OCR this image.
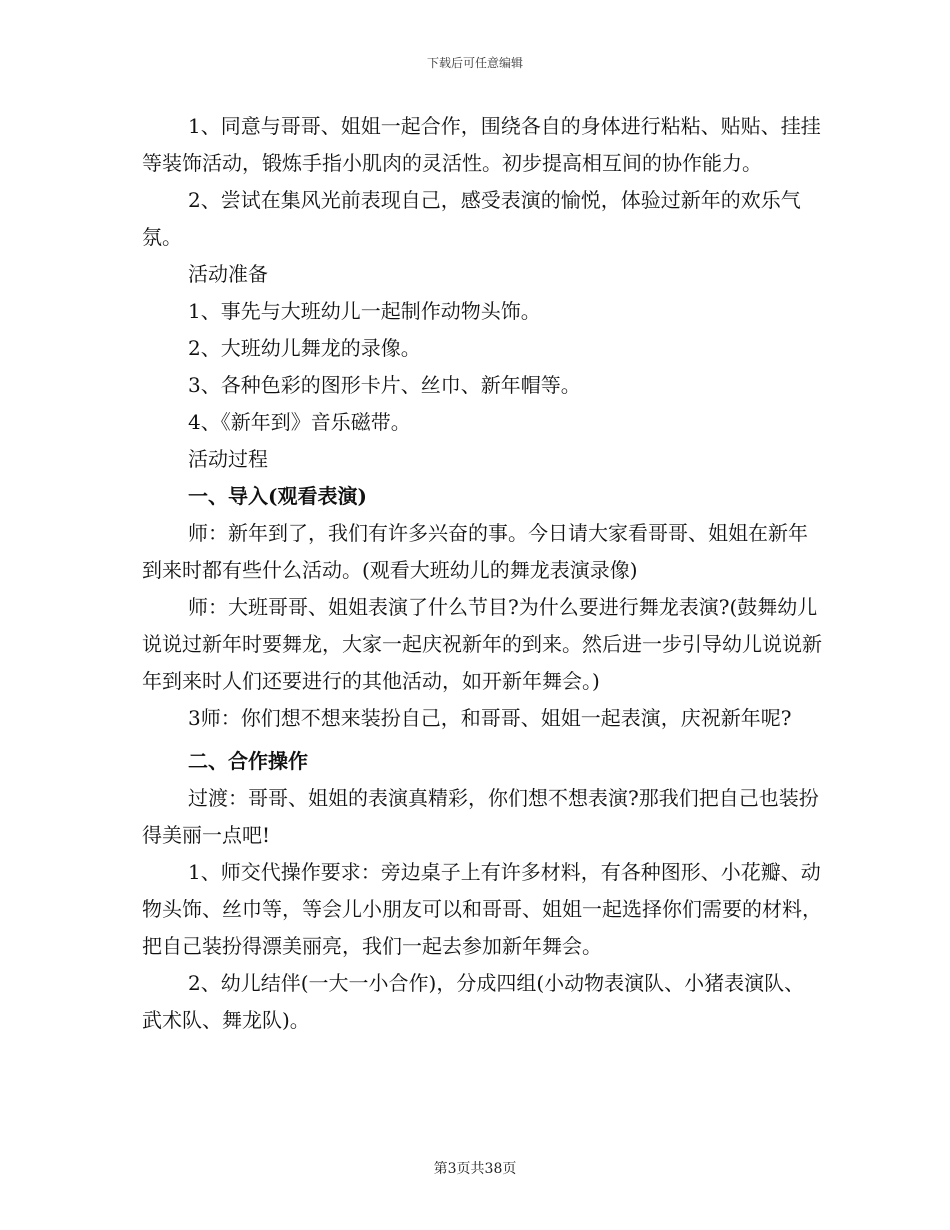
下载后可任意编辑

1、同意与哥哥、姐姐一起合作，围绕各自的身体进行粘粘、贴贴、挂挂等装饰活动，锻炼手指小肌肉的灵活性。初步提高相互间的协作能力。

2、尝试在集风光前表现自己，感受表演的愉悦，体验过新年的欢乐气氛。

活动准备

1、事先与大班幼儿一起制作动物头饰。

2、大班幼儿舞龙的录像。

3、各种色彩的图形卡片、丝巾、新年帽等。

4、《新年到》音乐磁带。

活动过程

一、导入(观看表演)

师：新年到了，我们有许多兴奋的事。今日请大家看哥哥、姐姐在新年到来时都有些什么活动。(观看大班幼儿的舞龙表演录像)

师：大班哥哥、姐姐表演了什么节目?为什么要进行舞龙表演?(鼓舞幼儿说说过新年时要舞龙，大家一起庆祝新年的到来。然后进一步引导幼儿说说新年到来时人们还要进行的其他活动，如开新年舞会。)

3师：你们想不想来装扮自己，和哥哥、姐姐一起表演，庆祝新年呢?

二、合作操作

过渡：哥哥、姐姐的表演真精彩，你们想不想表演?那我们把自己也装扮得美丽一点吧!

1、师交代操作要求：旁边桌子上有许多材料，有各种图形、小花瓣、动物头饰、丝巾等，等会儿小朋友可以和哥哥、姐姐一起选择你们需要的材料，把自己装扮得漂美丽亮，我们一起去参加新年舞会。

2、幼儿结伴(一大一小合作)，分成四组(小动物表演队、小猪表演队、武术队、舞龙队)。

第3页共38页
